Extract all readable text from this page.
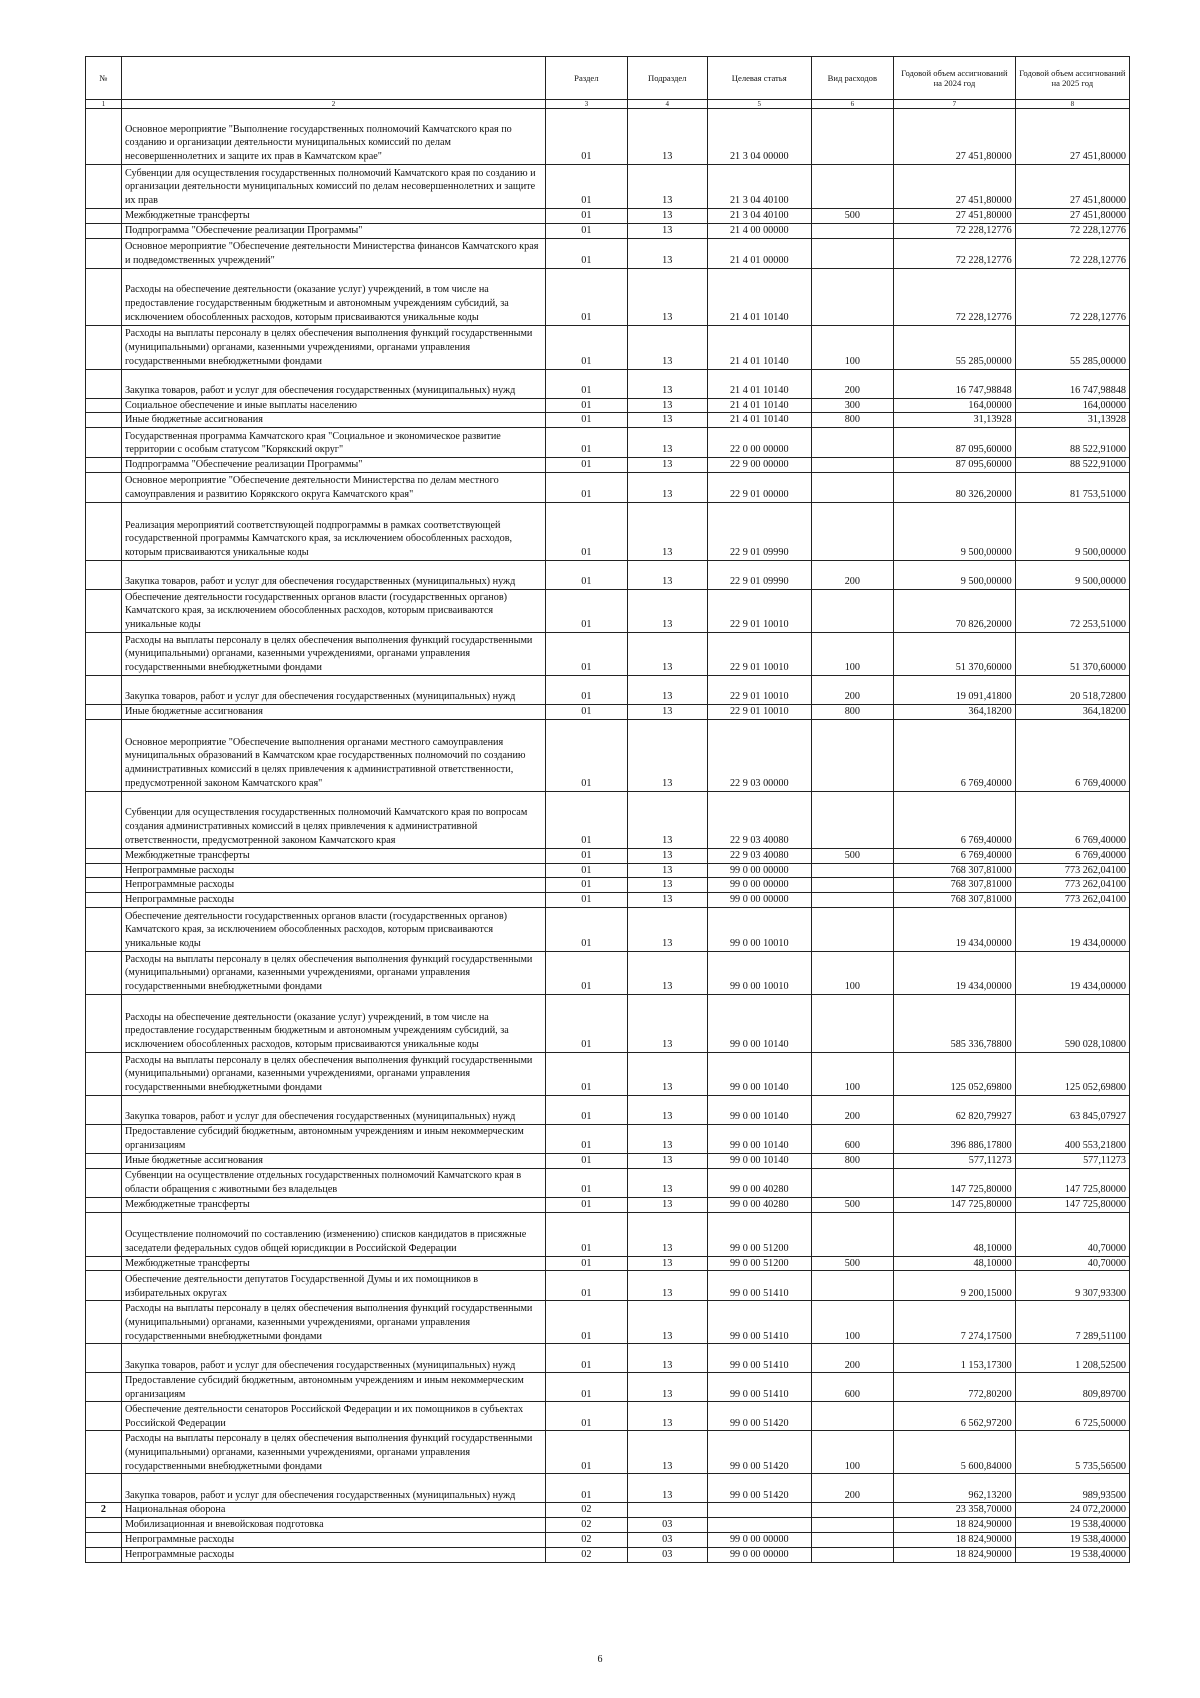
№		Раздел	Подраздел	Целевая статья	Вид расходов	Годовой объем ассигнований на 2024 год	Годовой объем ассигнований на 2025 год
1	2	3	4	5	6	7	8
	Основное мероприятие "Выполнение государственных полномочий Камчатского края по созданию и организации деятельности муниципальных комиссий по делам несовершеннолетних и защите их прав в Камчатском крае"	01	13	21 3 04 00000		27 451,80000	27 451,80000
	Субвенции для осуществления государственных полномочий Камчатского края по созданию и организации деятельности муниципальных комиссий по делам несовершеннолетних и защите их прав	01	13	21 3 04 40100		27 451,80000	27 451,80000
	Межбюджетные трансферты	01	13	21 3 04 40100	500	27 451,80000	27 451,80000
	Подпрограмма "Обеспечение реализации Программы"	01	13	21 4 00 00000		72 228,12776	72 228,12776
	Основное мероприятие "Обеспечение деятельности Министерства финансов Камчатского края и подведомственных учреждений"	01	13	21 4 01 00000		72 228,12776	72 228,12776
	Расходы на обеспечение деятельности (оказание услуг) учреждений, в том числе на предоставление государственным бюджетным и автономным учреждениям субсидий, за исключением обособленных расходов, которым присваиваются уникальные коды	01	13	21 4 01 10140		72 228,12776	72 228,12776
	Расходы на выплаты персоналу в целях обеспечения выполнения функций государственными (муниципальными) органами, казенными учреждениями, органами управления государственными внебюджетными фондами	01	13	21 4 01 10140	100	55 285,00000	55 285,00000
	Закупка товаров, работ и услуг для обеспечения государственных (муниципальных) нужд	01	13	21 4 01 10140	200	16 747,98848	16 747,98848
	Социальное обеспечение и иные выплаты населению	01	13	21 4 01 10140	300	164,00000	164,00000
	Иные бюджетные ассигнования	01	13	21 4 01 10140	800	31,13928	31,13928
	Государственная программа Камчатского края "Социальное и экономическое развитие территории с особым статусом "Корякский округ"	01	13	22 0 00 00000		87 095,60000	88 522,91000
	Подпрограмма "Обеспечение реализации Программы"	01	13	22 9 00 00000		87 095,60000	88 522,91000
	Основное мероприятие "Обеспечение деятельности Министерства по делам местного самоуправления и развитию Корякского округа Камчатского края"	01	13	22 9 01 00000		80 326,20000	81 753,51000
	Реализация мероприятий соответствующей подпрограммы в рамках соответствующей государственной программы Камчатского края, за исключением обособленных расходов, которым присваиваются уникальные коды	01	13	22 9 01 09990		9 500,00000	9 500,00000
	Закупка товаров, работ и услуг для обеспечения государственных (муниципальных) нужд	01	13	22 9 01 09990	200	9 500,00000	9 500,00000
	Обеспечение деятельности государственных органов власти (государственных органов) Камчатского края, за исключением обособленных расходов, которым присваиваются уникальные коды	01	13	22 9 01 10010		70 826,20000	72 253,51000
	Расходы на выплаты персоналу в целях обеспечения выполнения функций государственными (муниципальными) органами, казенными учреждениями, органами управления государственными внебюджетными фондами	01	13	22 9 01 10010	100	51 370,60000	51 370,60000
	Закупка товаров, работ и услуг для обеспечения государственных (муниципальных) нужд	01	13	22 9 01 10010	200	19 091,41800	20 518,72800
	Иные бюджетные ассигнования	01	13	22 9 01 10010	800	364,18200	364,18200
	Основное мероприятие "Обеспечение выполнения органами местного самоуправления муниципальных образований в Камчатском крае государственных полномочий по созданию административных комиссий в целях привлечения к административной ответственности, предусмотренной законом Камчатского края"	01	13	22 9 03 00000		6 769,40000	6 769,40000
	Субвенции для осуществления государственных полномочий Камчатского края по вопросам создания административных комиссий в целях привлечения к административной ответственности, предусмотренной законом Камчатского края	01	13	22 9 03 40080		6 769,40000	6 769,40000
	Межбюджетные трансферты	01	13	22 9 03 40080	500	6 769,40000	6 769,40000
	Непрограммные расходы	01	13	99 0 00 00000		768 307,81000	773 262,04100
	Непрограммные расходы	01	13	99 0 00 00000		768 307,81000	773 262,04100
	Непрограммные расходы	01	13	99 0 00 00000		768 307,81000	773 262,04100
	Обеспечение деятельности государственных органов власти (государственных органов) Камчатского края, за исключением обособленных расходов, которым присваиваются уникальные коды	01	13	99 0 00 10010		19 434,00000	19 434,00000
	Расходы на выплаты персоналу в целях обеспечения выполнения функций государственными (муниципальными) органами, казенными учреждениями, органами управления государственными внебюджетными фондами	01	13	99 0 00 10010	100	19 434,00000	19 434,00000
	Расходы на обеспечение деятельности (оказание услуг) учреждений, в том числе на предоставление государственным бюджетным и автономным учреждениям субсидий, за исключением обособленных расходов, которым присваиваются уникальные коды	01	13	99 0 00 10140		585 336,78800	590 028,10800
	Расходы на выплаты персоналу в целях обеспечения выполнения функций государственными (муниципальными) органами, казенными учреждениями, органами управления государственными внебюджетными фондами	01	13	99 0 00 10140	100	125 052,69800	125 052,69800
	Закупка товаров, работ и услуг для обеспечения государственных (муниципальных) нужд	01	13	99 0 00 10140	200	62 820,79927	63 845,07927
	Предоставление субсидий бюджетным, автономным учреждениям и иным некоммерческим организациям	01	13	99 0 00 10140	600	396 886,17800	400 553,21800
	Иные бюджетные ассигнования	01	13	99 0 00 10140	800	577,11273	577,11273
	Субвенции на осуществление отдельных государственных полномочий Камчатского края в области обращения с животными без владельцев	01	13	99 0 00 40280		147 725,80000	147 725,80000
	Межбюджетные трансферты	01	13	99 0 00 40280	500	147 725,80000	147 725,80000
	Осуществление полномочий по составлению (изменению) списков кандидатов в присяжные заседатели федеральных судов общей юрисдикции в Российской Федерации	01	13	99 0 00 51200		48,10000	40,70000
	Межбюджетные трансферты	01	13	99 0 00 51200	500	48,10000	40,70000
	Обеспечение деятельности депутатов Государственной Думы и их помощников в избирательных округах	01	13	99 0 00 51410		9 200,15000	9 307,93300
	Расходы на выплаты персоналу в целях обеспечения выполнения функций государственными (муниципальными) органами, казенными учреждениями, органами управления государственными внебюджетными фондами	01	13	99 0 00 51410	100	7 274,17500	7 289,51100
	Закупка товаров, работ и услуг для обеспечения государственных (муниципальных) нужд	01	13	99 0 00 51410	200	1 153,17300	1 208,52500
	Предоставление субсидий бюджетным, автономным учреждениям и иным некоммерческим организациям	01	13	99 0 00 51410	600	772,80200	809,89700
	Обеспечение деятельности сенаторов Российской Федерации и их помощников в субъектах Российской Федерации	01	13	99 0 00 51420		6 562,97200	6 725,50000
	Расходы на выплаты персоналу в целях обеспечения выполнения функций государственными (муниципальными) органами, казенными учреждениями, органами управления государственными внебюджетными фондами	01	13	99 0 00 51420	100	5 600,84000	5 735,56500
	Закупка товаров, работ и услуг для обеспечения государственных (муниципальных) нужд	01	13	99 0 00 51420	200	962,13200	989,93500
2	Национальная оборона	02				23 358,70000	24 072,20000
	Мобилизационная и вневойсковая подготовка	02	03			18 824,90000	19 538,40000
	Непрограммные расходы	02	03	99 0 00 00000		18 824,90000	19 538,40000
	Непрограммные расходы	02	03	99 0 00 00000		18 824,90000	19 538,40000
6
